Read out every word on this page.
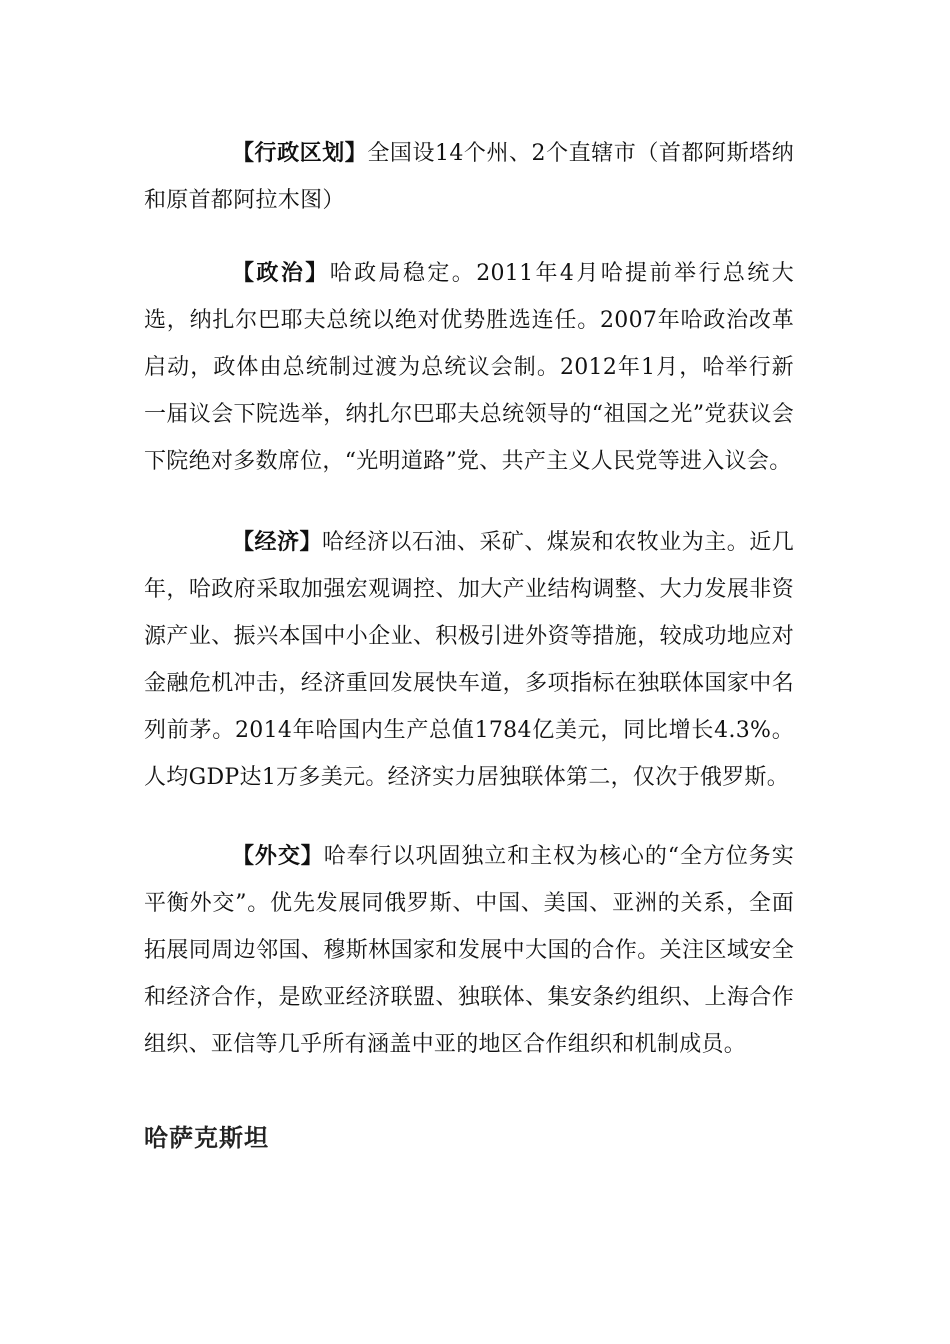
【行政区划】全国设14个州、2个直辖市（首都阿斯塔纳和原首都阿拉木图）

【政治】哈政局稳定。2011年4月哈提前举行总统大选，纳扎尔巴耶夫总统以绝对优势胜选连任。2007年哈政治改革启动，政体由总统制过渡为总统议会制。2012年1月，哈举行新一届议会下院选举，纳扎尔巴耶夫总统领导的“祖国之光”党获议会下院绝对多数席位，“光明道路”党、共产主义人民党等进入议会。

【经济】哈经济以石油、采矿、煤炭和农牧业为主。近几年，哈政府采取加强宏观调控、加大产业结构调整、大力发展非资源产业、振兴本国中小企业、积极引进外资等措施，较成功地应对金融危机冲击，经济重回发展快车道，多项指标在独联体国家中名列前茅。2014年哈国内生产总值1784亿美元，同比增长4.3%。人均GDP达1万多美元。经济实力居独联体第二，仅次于俄罗斯。

【外交】哈奉行以巩固独立和主权为核心的“全方位务实平衡外交”。优先发展同俄罗斯、中国、美国、亚洲的关系，全面拓展同周边邻国、穆斯林国家和发展中大国的合作。关注区域安全和经济合作，是欧亚经济联盟、独联体、集安条约组织、上海合作组织、亚信等几乎所有涵盖中亚的地区合作组织和机制成员。

哈萨克斯坦
